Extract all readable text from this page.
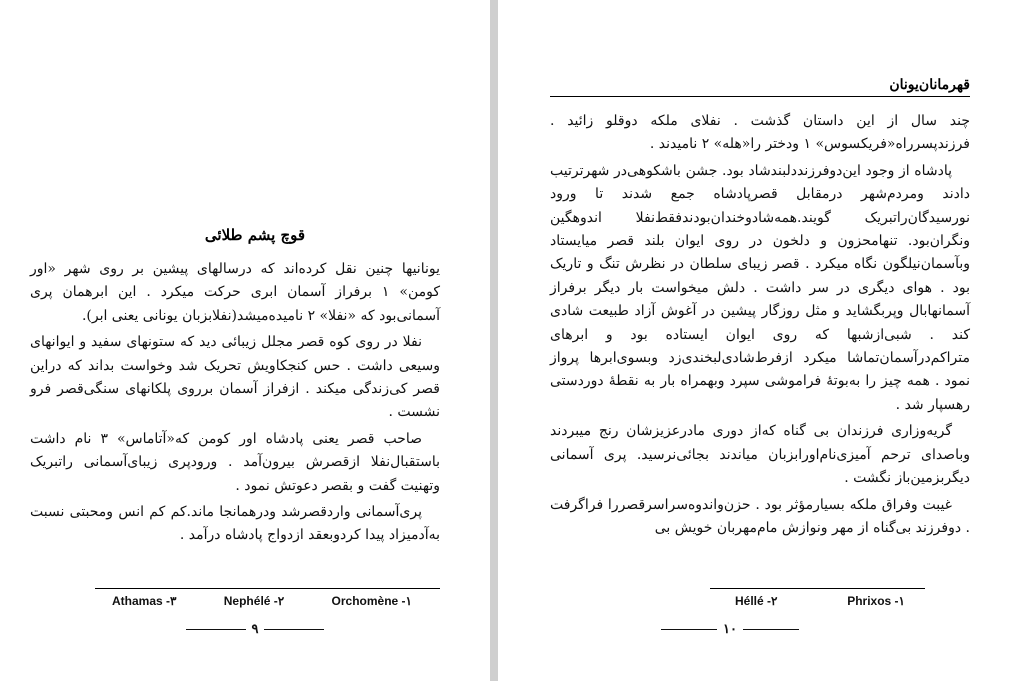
قوچ پشم طلائی

یونانیها چنین نقل کرده‌اند که درسالهای پیشین بر روی شهر «اور کومن» ۱ برفراز آسمان ابری حرکت میکرد . این ابرهمان پری آسمانی‌بود که «نفلا» ۲ نامیده‌میشد(نفلابزبان یونانی یعنی ابر).

نفلا در روی کوه قصر مجلل زیبائی دید که ستونهای سفید و ایوانهای وسیعی داشت . حس کنجکاویش تحریک شد وخواست بداند که دراین قصر کی‌زندگی میکند . ازفراز آسمان برروی پلکانهای سنگی‌قصر فرو نشست .

صاحب قصر یعنی پادشاه اور کومن که«آتاماس» ۳ نام داشت باستقبال‌نفلا ازقصرش بیرون‌آمد . ورودپری زیبای‌آسمانی راتبریک وتهنیت گفت و بقصر دعوتش نمود .

پری‌آسمانی واردقصرشد ودرهمانجا ماند.کم کم انس ومحبتی نسبت به‌آدمیزاد پیدا کردوبعقد ازدواج پادشاه درآمد .

Orchomène -۱
Nephélé -۲
Athamas -۳
۹
قهرمانان‌یونان

چند سال از این داستان گذشت . نفلای ملکه دوقلو زائید . فرزندپسرراه«فریکسوس» ۱ ودختر را«هله» ۲ نامیدند .

پادشاه از وجود این‌دوفرزنددلبندشاد بود. جشن باشکوهی‌در شهرترتیب دادند ومردم‌شهر درمقابل قصرپادشاه جمع شدند تا ورود نورسیدگان‌راتبریک گویند.همه‌شادوخندان‌بودندفقط‌نفلا اندوهگین ونگران‌بود. تنهامحزون و دلخون در روی ایوان بلند قصر میایستاد وبآسمان‌نیلگون نگاه میکرد . قصر زیبای سلطان در نظرش تنگ و تاریک بود . هوای دیگری در سر داشت . دلش میخواست بار دیگر برفراز آسمانهابال وپربگشاید و مثل روزگار پیشین در آغوش آزاد طبیعت شادی کند . شبی‌ازشبها که روی ایوان ایستاده بود و ابرهای متراکم‌درآسمان‌تماشا میکرد ازفرط‌شادی‌لبخندی‌زد وبسوی‌ابرها پرواز نمود . همه چیز را به‌بوتهٔ فراموشی سپرد وبهمراه بار به نقطهٔ دوردستی رهسپار شد .

گریه‌وزاری فرزندان بی گناه که‌از دوری مادرعزیزشان رنج میبردند وباصدای ترحم آمیزی‌نام‌اورابزبان میاندند بجائی‌نرسید. پری آسمانی دیگربزمین‌باز نگشت .

غیبت وفراق ملکه بسیارمؤثر بود . حزن‌واندوه‌سراسرقصررا فراگرفت . دوفرزند بی‌گناه از مهر ونوازش مام‌مهربان خویش بی

Phrixos -۱
Héllé -۲
۱۰
